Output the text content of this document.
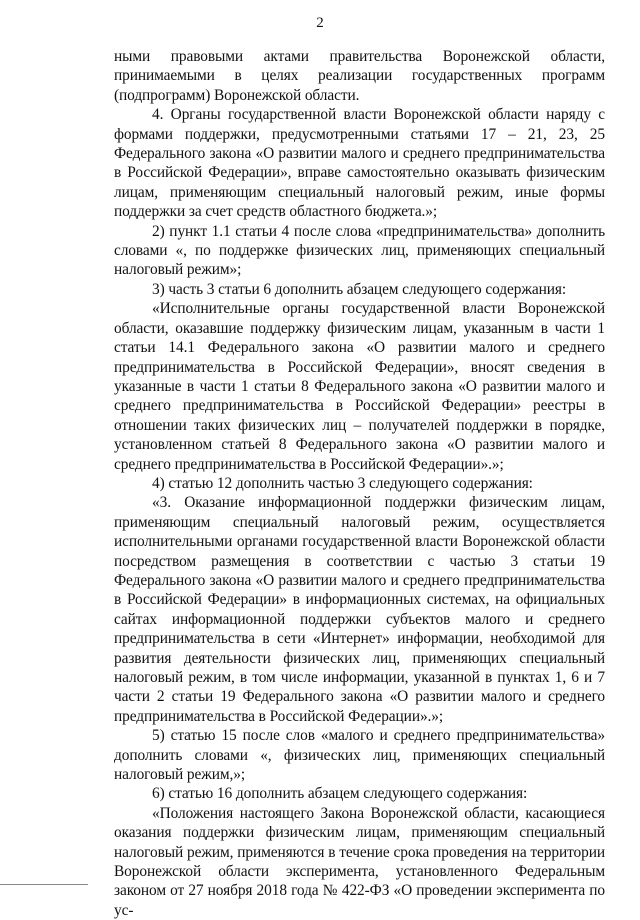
2

ными правовыми актами правительства Воронежской области, принимаемыми в целях реализации государственных программ (подпрограмм) Воронежской области.

4. Органы государственной власти Воронежской области наряду с формами поддержки, предусмотренными статьями 17 – 21, 23, 25 Федерального закона «О развитии малого и среднего предпринимательства в Российской Федерации», вправе самостоятельно оказывать физическим лицам, применяющим специальный налоговый режим, иные формы поддержки за счет средств областного бюджета.»;

2) пункт 1.1 статьи 4 после слова «предпринимательства» дополнить словами «, по поддержке физических лиц, применяющих специальный налоговый режим»;

3) часть 3 статьи 6 дополнить абзацем следующего содержания:

«Исполнительные органы государственной власти Воронежской области, оказавшие поддержку физическим лицам, указанным в части 1 статьи 14.1 Федерального закона «О развитии малого и среднего предпринимательства в Российской Федерации», вносят сведения в указанные в части 1 статьи 8 Федерального закона «О развитии малого и среднего предпринимательства в Российской Федерации» реестры в отношении таких физических лиц – получателей поддержки в порядке, установленном статьей 8 Федерального закона «О развитии малого и среднего предпринимательства в Российской Федерации».»;

4) статью 12 дополнить частью 3 следующего содержания:

«3. Оказание информационной поддержки физическим лицам, применяющим специальный налоговый режим, осуществляется исполнительными органами государственной власти Воронежской области посредством размещения в соответствии с частью 3 статьи 19 Федерального закона «О развитии малого и среднего предпринимательства в Российской Федерации» в информационных системах, на официальных сайтах информационной поддержки субъектов малого и среднего предпринимательства в сети «Интернет» информации, необходимой для развития деятельности физических лиц, применяющих специальный налоговый режим, в том числе информации, указанной в пунктах 1, 6 и 7 части 2 статьи 19 Федерального закона «О развитии малого и среднего предпринимательства в Российской Федерации».»;

5) статью 15 после слов «малого и среднего предпринимательства» дополнить словами «, физических лиц, применяющих специальный налоговый режим,»;

6) статью 16 дополнить абзацем следующего содержания:

«Положения настоящего Закона Воронежской области, касающиеся оказания поддержки физическим лицам, применяющим специальный налоговый режим, применяются в течение срока проведения на территории Воронежской области эксперимента, установленного Федеральным законом от 27 ноября 2018 года № 422-ФЗ «О проведении эксперимента по ус-
